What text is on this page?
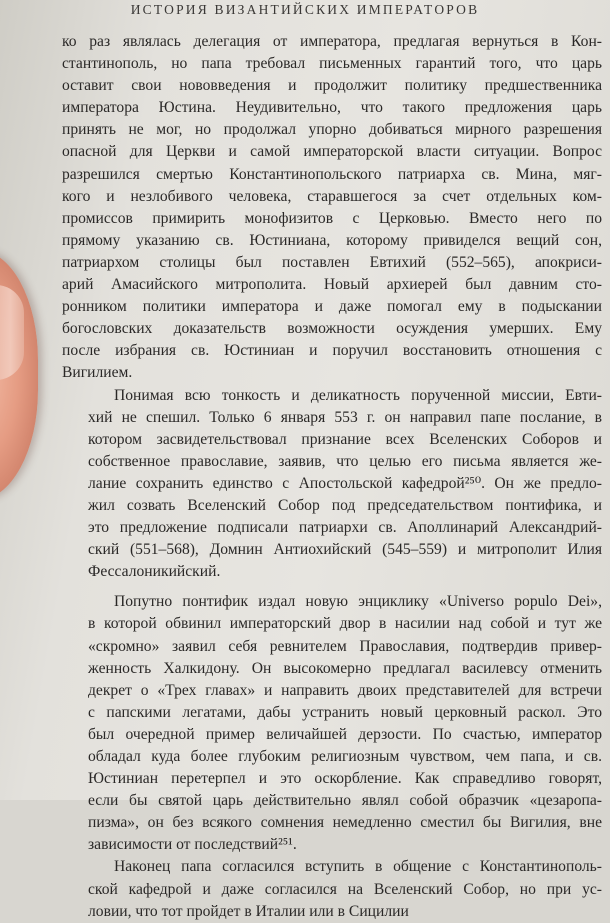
ИСТОРИЯ ВИЗАНТИЙСКИХ ИМПЕРАТОРОВ

ко раз являлась делегация от императора, предлагая вернуться в Кон-
стантинополь, но папа требовал письменных гарантий того, что царь
оставит свои нововведения и продолжит политику предшественника
императора Юстина. Неудивительно, что такого предложения царь
принять не мог, но продолжал упорно добиваться мирного разрешения
опасной для Церкви и самой императорской власти ситуации. Вопрос
разрешился смертью Константинопольского патриарха св. Мина, мяг-
кого и незлобивого человека, старавшегося за счет отдельных ком-
промиссов примирить монофизитов с Церковью. Вместо него по
прямому указанию св. Юстиниана, которому привиделся вещий сон,
патриархом столицы был поставлен Евтихий (552–565), апокриси-
арий Амасийского митрополита. Новый архиерей был давним сто-
ронником политики императора и даже помогал ему в подыскании
богословских доказательств возможности осуждения умерших. Ему
после избрания св. Юстиниан и поручил восстановить отношения с
Вигилием.

Понимая всю тонкость и деликатность порученной миссии, Евти-
хий не спешил. Только 6 января 553 г. он направил папе послание, в
котором засвидетельствовал признание всех Вселенских Соборов и
собственное православие, заявив, что целью его письма является же-
лание сохранить единство с Апостольской кафедрой²⁵⁰. Он же предло-
жил созвать Вселенский Собор под председательством понтифика, и
это предложение подписали патриархи св. Аполлинарий Александрий-
ский (551–568), Домнин Антиохийский (545–559) и митрополит Илия
Фессалоникийский.

Попутно понтифик издал новую энциклику «Universo populo Dei»,
в которой обвинил императорский двор в насилии над собой и тут же
«скромно» заявил себя ревнителем Православия, подтвердив привер-
женность Халкидону. Он высокомерно предлагал василевсу отменить
декрет о «Трех главах» и направить двоих представителей для встречи
с папскими легатами, дабы устранить новый церковный раскол. Это
был очередной пример величайшей дерзости. По счастью, император
обладал куда более глубоким религиозным чувством, чем папа, и св.
Юстиниан перетерпел и это оскорбление. Как справедливо говорят,
если бы святой царь действительно являл собой образчик «цезаропа-
пизма», он без всякого сомнения немедленно сместил бы Вигилия, вне
зависимости от последствий²⁵¹.

Наконец папа согласился вступить в общение с Константинополь-
ской кафедрой и даже согласился на Вселенский Собор, но при ус-
ловии, что тот пройдет в Италии или в Сицилии
